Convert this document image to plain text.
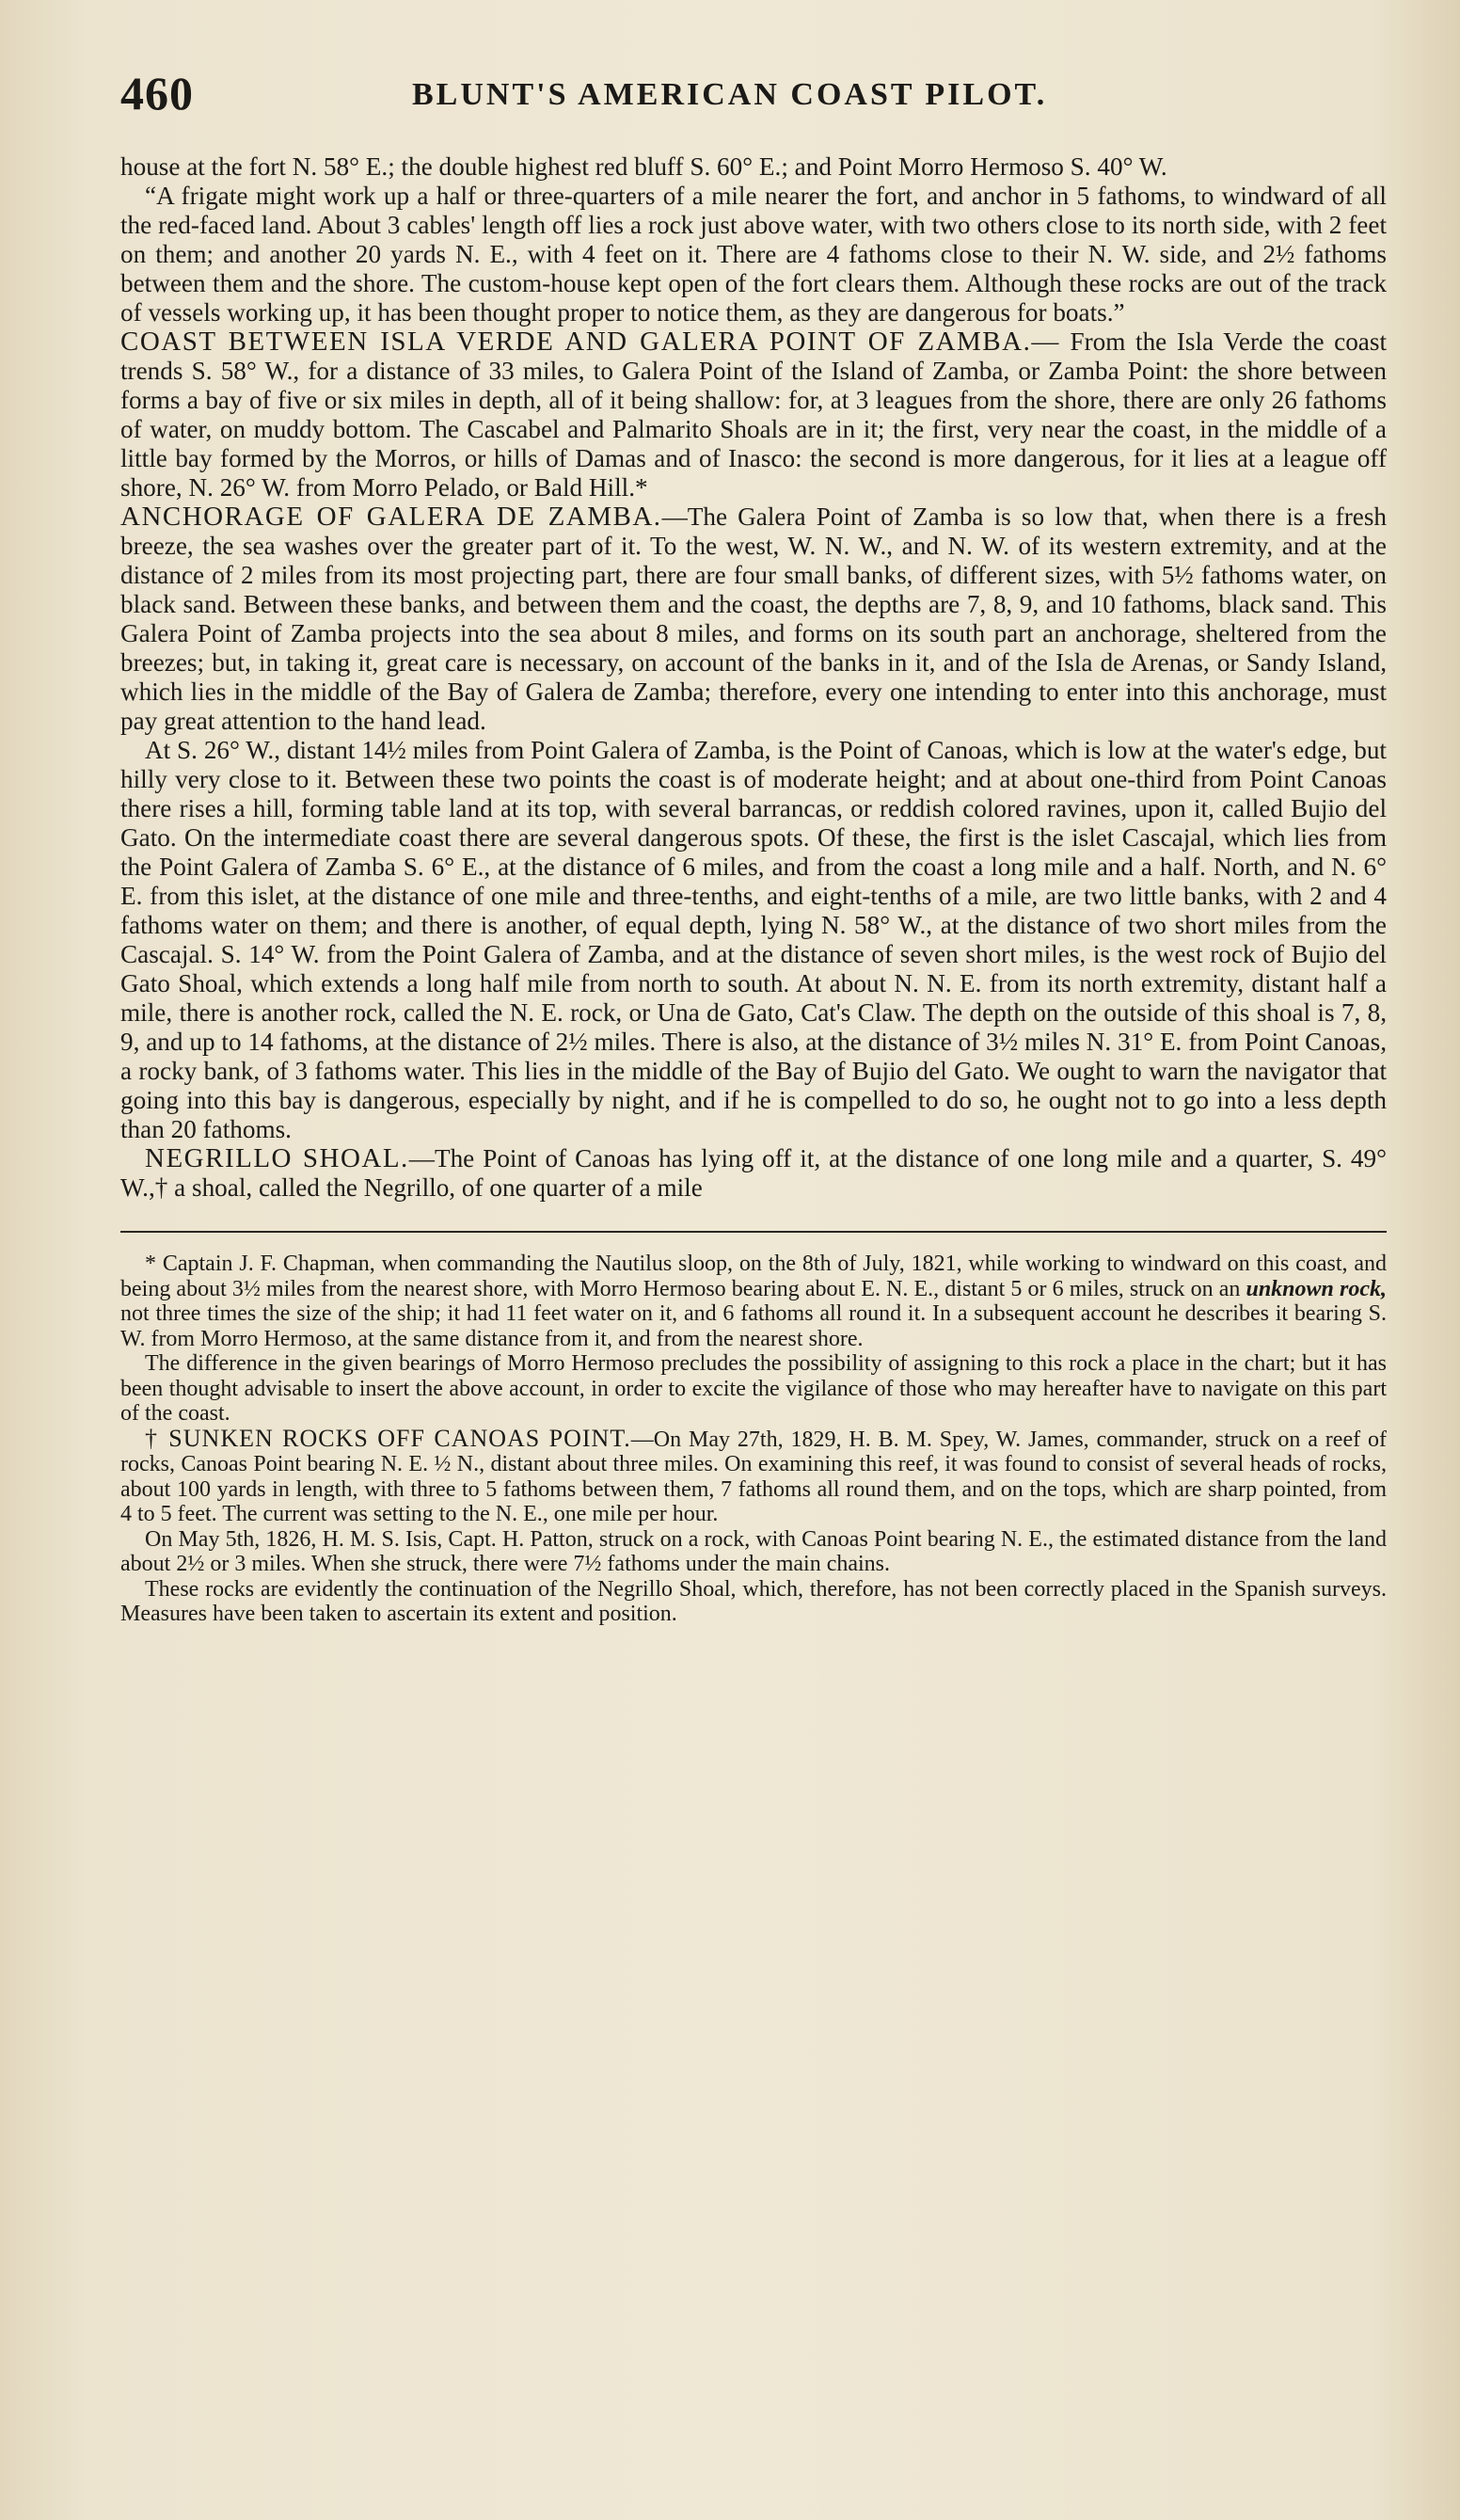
460	BLUNT'S AMERICAN COAST PILOT.

house at the fort N. 58° E.; the double highest red bluff S. 60° E.; and Point Morro Hermoso S. 40° W.

“A frigate might work up a half or three-quarters of a mile nearer the fort, and anchor in 5 fathoms, to windward of all the red-faced land. About 3 cables' length off lies a rock just above water, with two others close to its north side, with 2 feet on them; and another 20 yards N. E., with 4 feet on it. There are 4 fathoms close to their N. W. side, and 2½ fathoms between them and the shore. The custom-house kept open of the fort clears them. Although these rocks are out of the track of vessels working up, it has been thought proper to notice them, as they are dangerous for boats.”

COAST BETWEEN ISLA VERDE AND GALERA POINT OF ZAMBA.— From the Isla Verde the coast trends S. 58° W., for a distance of 33 miles, to Galera Point of the Island of Zamba, or Zamba Point: the shore between forms a bay of five or six miles in depth, all of it being shallow: for, at 3 leagues from the shore, there are only 26 fathoms of water, on muddy bottom. The Cascabel and Palmarito Shoals are in it; the first, very near the coast, in the middle of a little bay formed by the Morros, or hills of Damas and of Inasco: the second is more dangerous, for it lies at a league off shore, N. 26° W. from Morro Pelado, or Bald Hill.*

ANCHORAGE OF GALERA DE ZAMBA.—The Galera Point of Zamba is so low that, when there is a fresh breeze, the sea washes over the greater part of it. To the west, W. N. W., and N. W. of its western extremity, and at the distance of 2 miles from its most projecting part, there are four small banks, of different sizes, with 5½ fathoms water, on black sand. Between these banks, and between them and the coast, the depths are 7, 8, 9, and 10 fathoms, black sand. This Galera Point of Zamba projects into the sea about 8 miles, and forms on its south part an anchorage, sheltered from the breezes; but, in taking it, great care is necessary, on account of the banks in it, and of the Isla de Arenas, or Sandy Island, which lies in the middle of the Bay of Galera de Zamba; therefore, every one intending to enter into this anchorage, must pay great attention to the hand lead.

At S. 26° W., distant 14½ miles from Point Galera of Zamba, is the Point of Canoas, which is low at the water's edge, but hilly very close to it. Between these two points the coast is of moderate height; and at about one-third from Point Canoas there rises a hill, forming table land at its top, with several barrancas, or reddish colored ravines, upon it, called Bujio del Gato. On the intermediate coast there are several dangerous spots. Of these, the first is the islet Cascajal, which lies from the Point Galera of Zamba S. 6° E., at the distance of 6 miles, and from the coast a long mile and a half. North, and N. 6° E. from this islet, at the distance of one mile and three-tenths, and eight-tenths of a mile, are two little banks, with 2 and 4 fathoms water on them; and there is another, of equal depth, lying N. 58° W., at the distance of two short miles from the Cascajal. S. 14° W. from the Point Galera of Zamba, and at the distance of seven short miles, is the west rock of Bujio del Gato Shoal, which extends a long half mile from north to south. At about N. N. E. from its north extremity, distant half a mile, there is another rock, called the N. E. rock, or Una de Gato, Cat's Claw. The depth on the outside of this shoal is 7, 8, 9, and up to 14 fathoms, at the distance of 2½ miles. There is also, at the distance of 3½ miles N. 31° E. from Point Canoas, a rocky bank, of 3 fathoms water. This lies in the middle of the Bay of Bujio del Gato. We ought to warn the navigator that going into this bay is dangerous, especially by night, and if he is compelled to do so, he ought not to go into a less depth than 20 fathoms.

NEGRILLO SHOAL.—The Point of Canoas has lying off it, at the distance of one long mile and a quarter, S. 49° W.,† a shoal, called the Negrillo, of one quarter of a mile

* Captain J. F. Chapman, when commanding the Nautilus sloop, on the 8th of July, 1821, while working to windward on this coast, and being about 3½ miles from the nearest shore, with Morro Hermoso bearing about E. N. E., distant 5 or 6 miles, struck on an unknown rock, not three times the size of the ship; it had 11 feet water on it, and 6 fathoms all round it. In a subsequent account he describes it bearing S. W. from Morro Hermoso, at the same distance from it, and from the nearest shore.

The difference in the given bearings of Morro Hermoso precludes the possibility of assigning to this rock a place in the chart; but it has been thought advisable to insert the above account, in order to excite the vigilance of those who may hereafter have to navigate on this part of the coast.

† SUNKEN ROCKS OFF CANOAS POINT.—On May 27th, 1829, H. B. M. Spey, W. James, commander, struck on a reef of rocks, Canoas Point bearing N. E. ½ N., distant about three miles. On examining this reef, it was found to consist of several heads of rocks, about 100 yards in length, with three to 5 fathoms between them, 7 fathoms all round them, and on the tops, which are sharp pointed, from 4 to 5 feet. The current was setting to the N. E., one mile per hour.

On May 5th, 1826, H. M. S. Isis, Capt. H. Patton, struck on a rock, with Canoas Point bearing N. E., the estimated distance from the land about 2½ or 3 miles. When she struck, there were 7½ fathoms under the main chains.

These rocks are evidently the continuation of the Negrillo Shoal, which, therefore, has not been correctly placed in the Spanish surveys. Measures have been taken to ascertain its extent and position.
